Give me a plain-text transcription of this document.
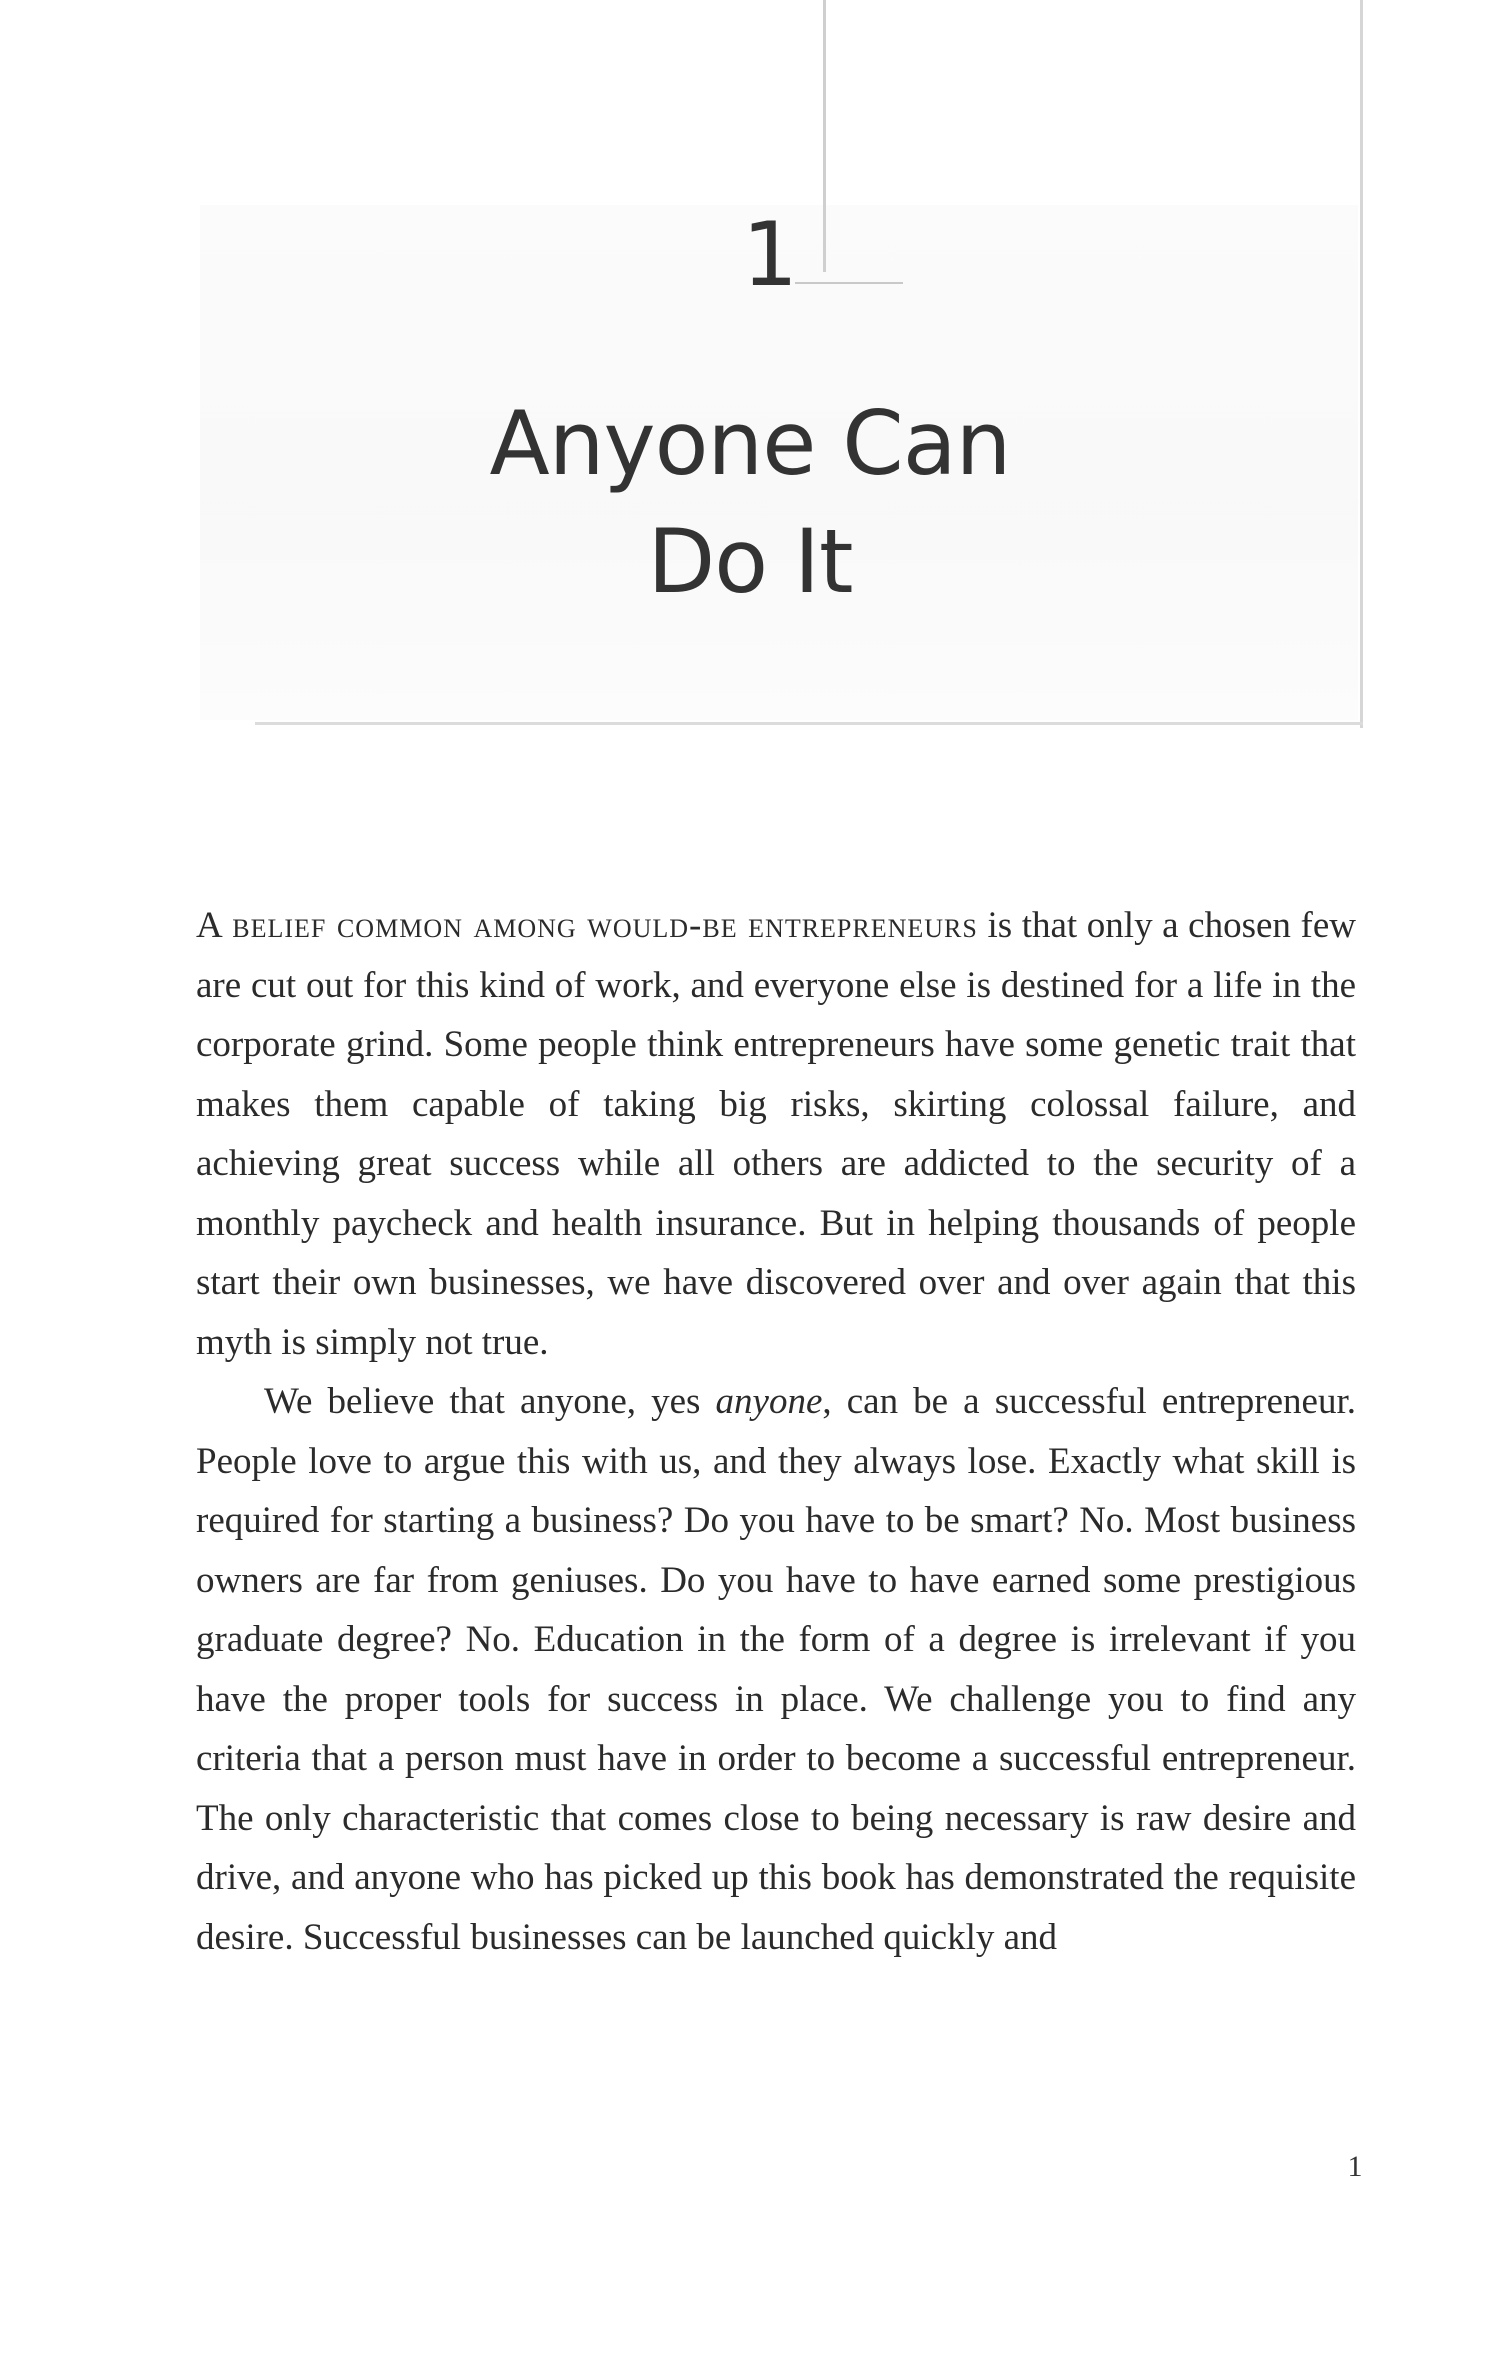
1
Anyone Can
Do It

A belief common among would-be entrepreneurs is that only a chosen few are cut out for this kind of work, and everyone else is destined for a life in the corporate grind. Some people think entrepreneurs have some genetic trait that makes them capable of taking big risks, skirting colossal failure, and achieving great success while all others are addicted to the security of a monthly paycheck and health insurance. But in helping thousands of people start their own businesses, we have discovered over and over again that this myth is simply not true.

We believe that anyone, yes anyone, can be a successful entrepreneur. People love to argue this with us, and they always lose. Exactly what skill is required for starting a business? Do you have to be smart? No. Most business owners are far from geniuses. Do you have to have earned some prestigious graduate degree? No. Education in the form of a degree is irrelevant if you have the proper tools for success in place. We challenge you to find any criteria that a person must have in order to become a successful entrepreneur. The only characteristic that comes close to being necessary is raw desire and drive, and anyone who has picked up this book has demonstrated the requisite desire. Successful businesses can be launched quickly and

1
